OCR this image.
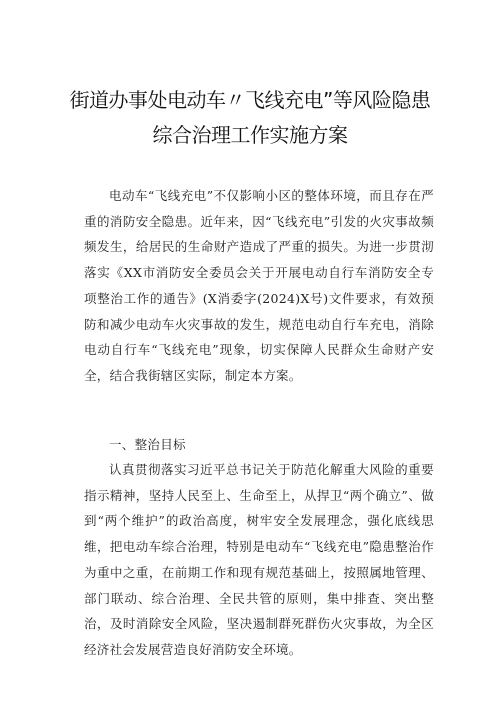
街道办事处电动车〃飞线充电”等风险隐患
综合治理工作实施方案

电动车“飞线充电”不仅影响小区的整体环境，而且存在严重的消防安全隐患。近年来，因“飞线充电”引发的火灾事故频频发生，给居民的生命财产造成了严重的损失。为进一步贯沏落实《XX市消防安全委员会关于开展电动自行车消防安全专项整治工作的通告》(X消委字(2024)X号)文件要求，有效预防和减少电动车火灾事故的发生，规范电动自行车充电，消除电动自行车“飞线充电”现象，切实保障人民群众生命财产安全，结合我街辖区实际，制定本方案。

一、整治目标

认真贯彻落实习近平总书记关于防范化解重大风险的重要指示精神，坚持人民至上、生命至上，从捍卫“两个确立”、做到“两个维护”的政治高度，树牢安全发展理念，强化底线思维，把电动车综合治理，特别是电动车“飞线充电”隐患整治作为重中之重，在前期工作和现有规范基础上，按照属地管理、部门联动、综合治理、全民共管的原则，集中排查、突出整治，及时消除安全风险，坚决遏制群死群伤火灾事故，为全区经济社会发展营造良好消防安全环境。
